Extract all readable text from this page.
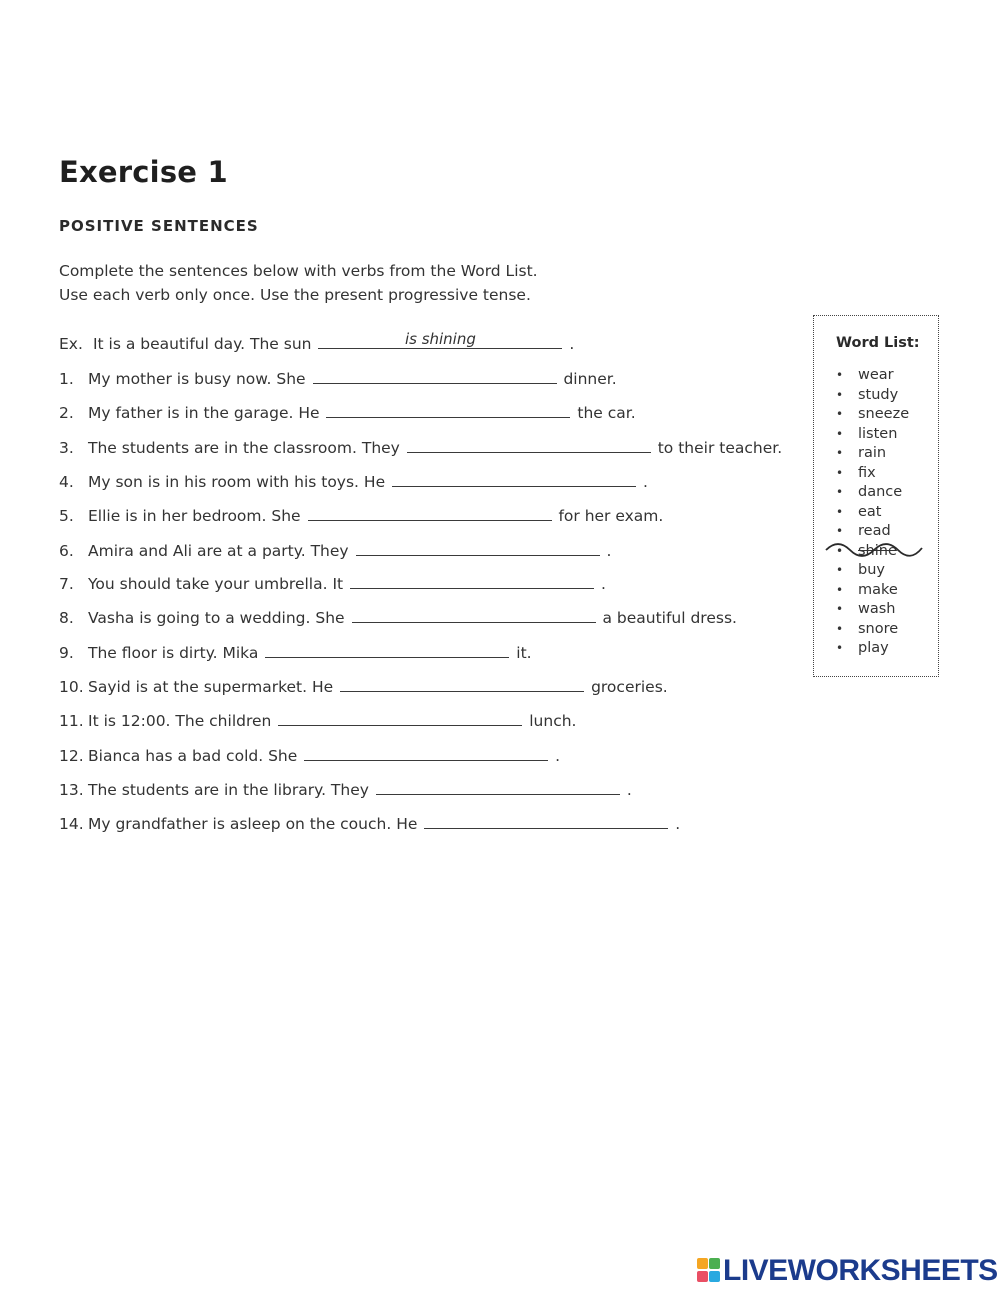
Exercise 1
POSITIVE SENTENCES
Complete the sentences below with verbs from the Word List.
Use each verb only once. Use the present progressive tense.
Ex. It is a beautiful day. The sun	is shining	.
1. My mother is busy now. She	dinner.
2. My father is in the garage. He	the car.
3. The students are in the classroom. They	to their teacher.
4. My son is in his room with his toys. He	.
5. Ellie is in her bedroom. She	for her exam.
6. Amira and Ali are at a party. They	.
7. You should take your umbrella. It	.
8. Vasha is going to a wedding. She	a beautiful dress.
9. The floor is dirty. Mika	it.
10. Sayid is at the supermarket. He	groceries.
11. It is 12:00. The children	lunch.
12. Bianca has a bad cold. She	.
13. The students are in the library. They	.
14. My grandfather is asleep on the couch. He	.
Word List:
• wear
• study
• sneeze
• listen
• rain
• fix
• dance
• eat
• read
• shine
• buy
• make
• wash
• snore
• play
LIVEWORKSHEETS
